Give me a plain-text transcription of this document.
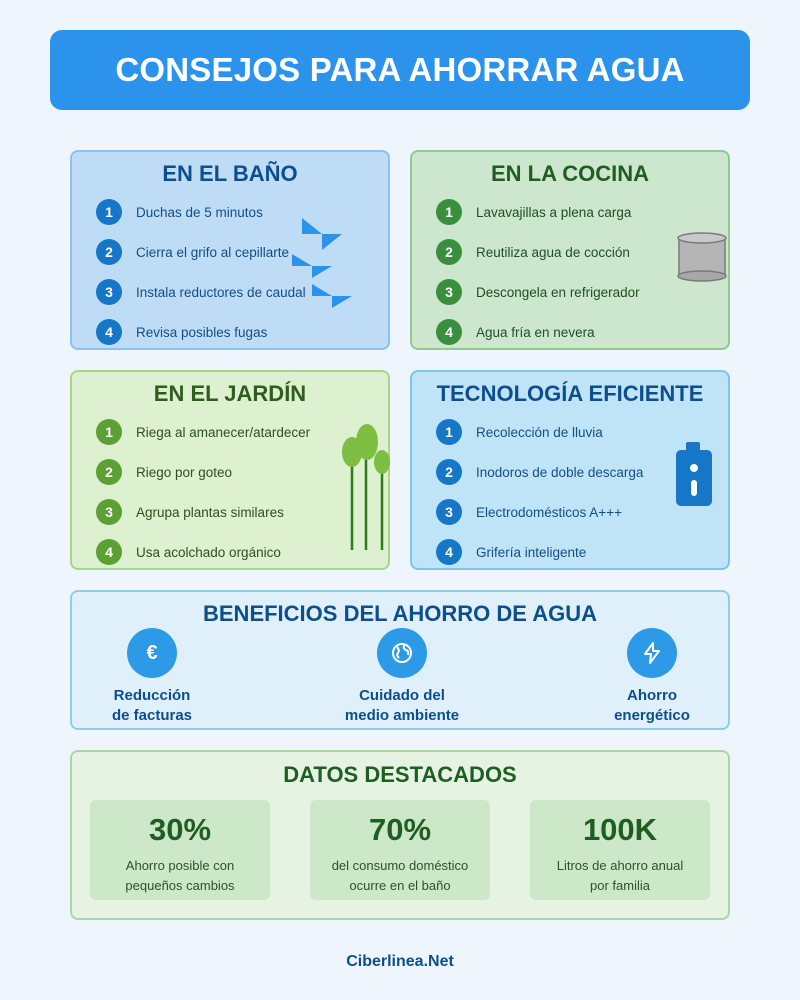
CONSEJOS PARA AHORRAR AGUA
EN EL BAÑO
1	Duchas de 5 minutos
2	Cierra el grifo al cepillarte
3	Instala reductores de caudal
4	Revisa posibles fugas
EN LA COCINA
1	Lavavajillas a plena carga
2	Reutiliza agua de cocción
3	Descongela en refrigerador
4	Agua fría en nevera
EN EL JARDÍN
1	Riega al amanecer/atardecer
2	Riego por goteo
3	Agrupa plantas similares
4	Usa acolchado orgánico
TECNOLOGÍA EFICIENTE
1	Recolección de lluvia
2	Inodoros de doble descarga
3	Electrodomésticos A+++
4	Grifería inteligente
BENEFICIOS DEL AHORRO DE AGUA
€
Reducción
de facturas
Cuidado del
medio ambiente
Ahorro
energético
DATOS DESTACADOS
30%
Ahorro posible con
pequeños cambios
70%
del consumo doméstico
ocurre en el baño
100K
Litros de ahorro anual
por familia
Ciberlinea.Net
